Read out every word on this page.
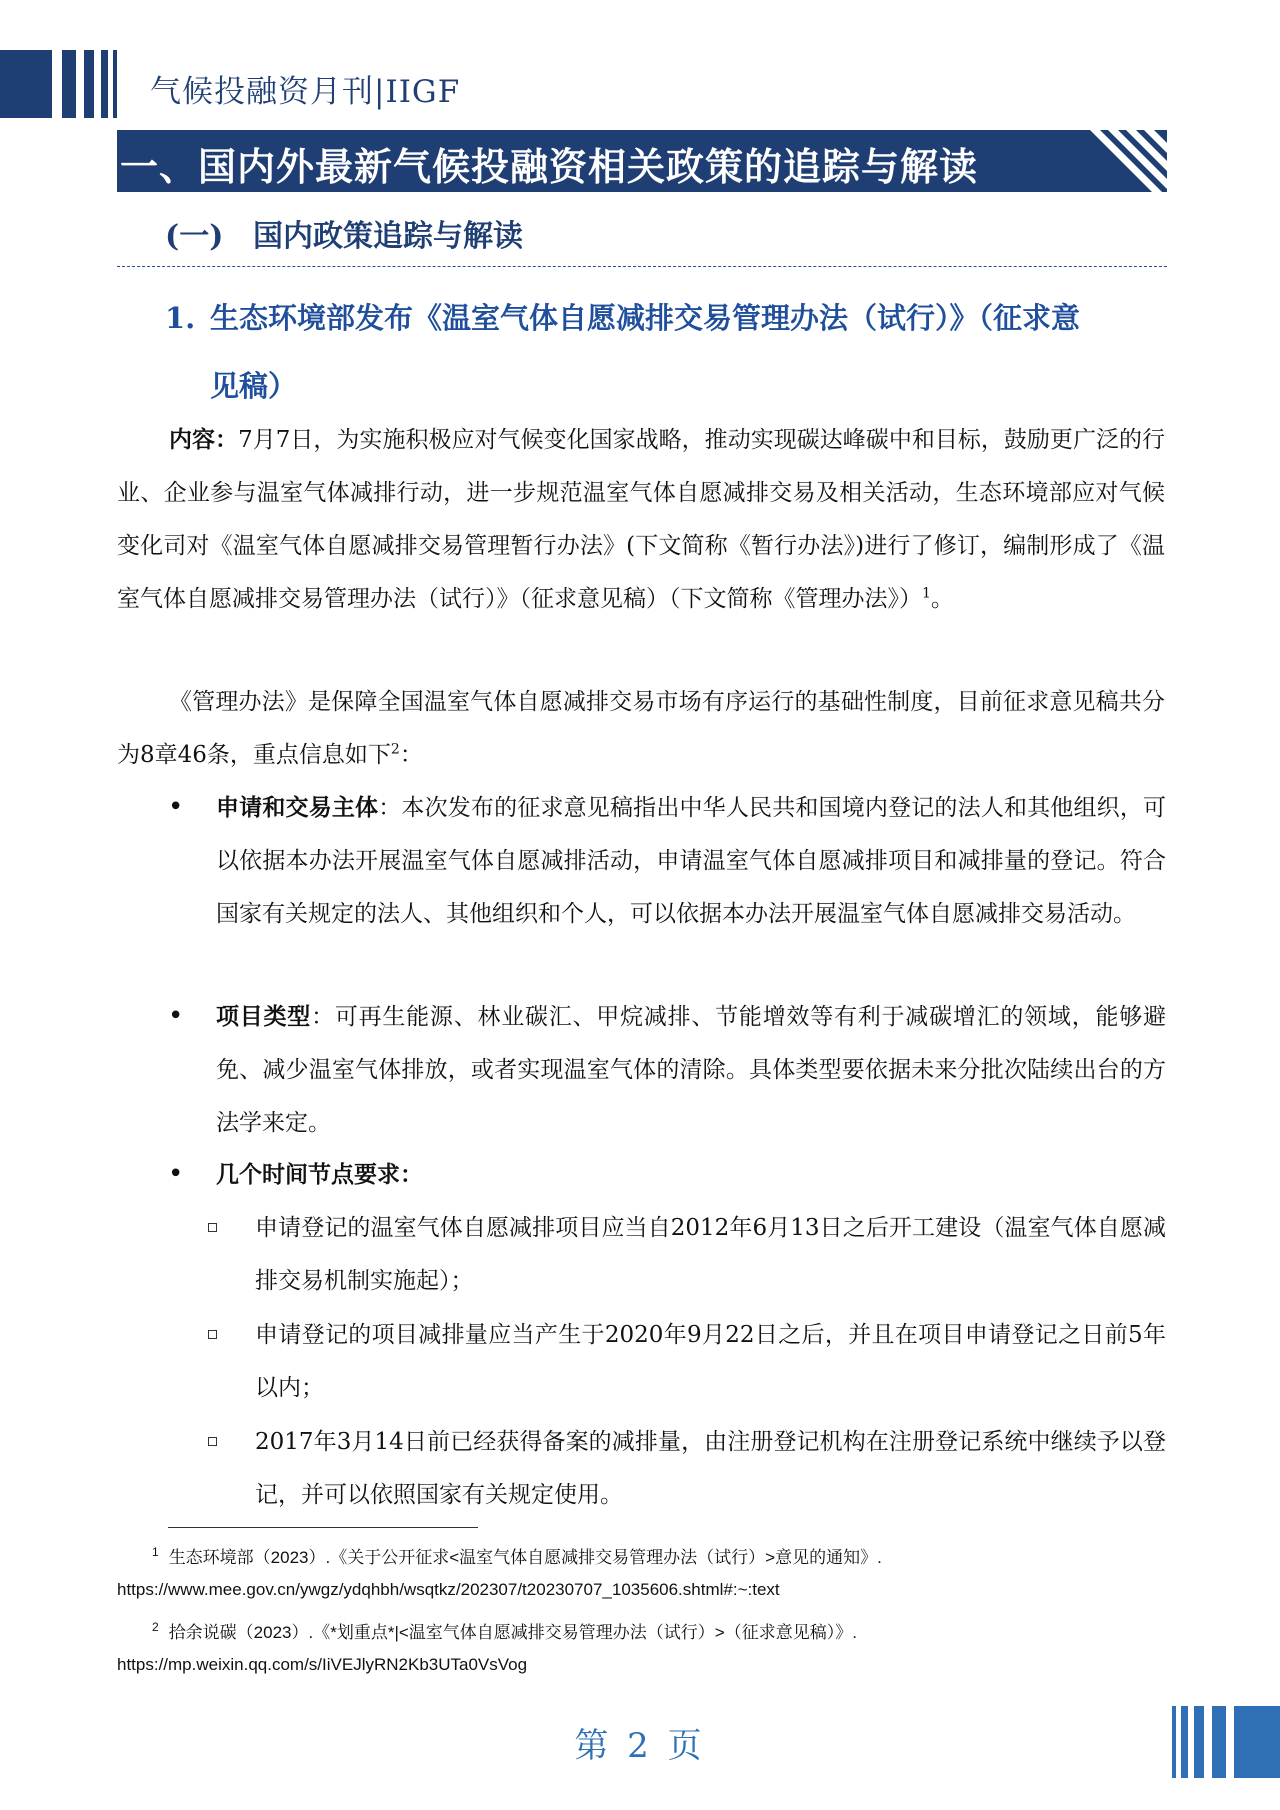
气候投融资月刊|IIGF
一、国内外最新气候投融资相关政策的追踪与解读
(一) 国内政策追踪与解读
1. 生态环境部发布《温室气体自愿减排交易管理办法（试行）》（征求意
见稿）
内容：7月7日，为实施积极应对气候变化国家战略，推动实现碳达峰碳中和目标，鼓励更广泛的行业、企业参与温室气体减排行动，进一步规范温室气体自愿减排交易及相关活动，生态环境部应对气候变化司对《温室气体自愿减排交易管理暂行办法》(下文简称《暂行办法》)进行了修订，编制形成了《温室气体自愿减排交易管理办法（试行）》（征求意见稿）（下文简称《管理办法》）$^1$。
《管理办法》是保障全国温室气体自愿减排交易市场有序运行的基础性制度，目前征求意见稿共分为8章46条，重点信息如下$^2$：
• 申请和交易主体：本次发布的征求意见稿指出中华人民共和国境内登记的法人和其他组织，可以依据本办法开展温室气体自愿减排活动，申请温室气体自愿减排项目和减排量的登记。符合国家有关规定的法人、其他组织和个人，可以依据本办法开展温室气体自愿减排交易活动。
• 项目类型：可再生能源、林业碳汇、甲烷减排、节能增效等有利于减碳增汇的领域，能够避免、减少温室气体排放，或者实现温室气体的清除。具体类型要依据未来分批次陆续出台的方法学来定。
• 几个时间节点要求：
申请登记的温室气体自愿减排项目应当自2012年6月13日之后开工建设（温室气体自愿减排交易机制实施起）；
申请登记的项目减排量应当产生于2020年9月22日之后，并且在项目申请登记之日前5年以内；
2017年3月14日前已经获得备案的减排量，由注册登记机构在注册登记系统中继续予以登记，并可以依照国家有关规定使用。
$^1$ 生态环境部（2023）.《关于公开征求<温室气体自愿减排交易管理办法（试行）>意见的通知》.
https://www.mee.gov.cn/ywgz/ydqhbh/wsqtkz/202307/t20230707_1035606.shtml#:~:text
$^2$ 拾余说碳（2023）.《*划重点*|<温室气体自愿减排交易管理办法（试行）>（征求意见稿）》.
https://mp.weixin.qq.com/s/IiVEJlyRN2Kb3UTa0VsVog
第 2 页
